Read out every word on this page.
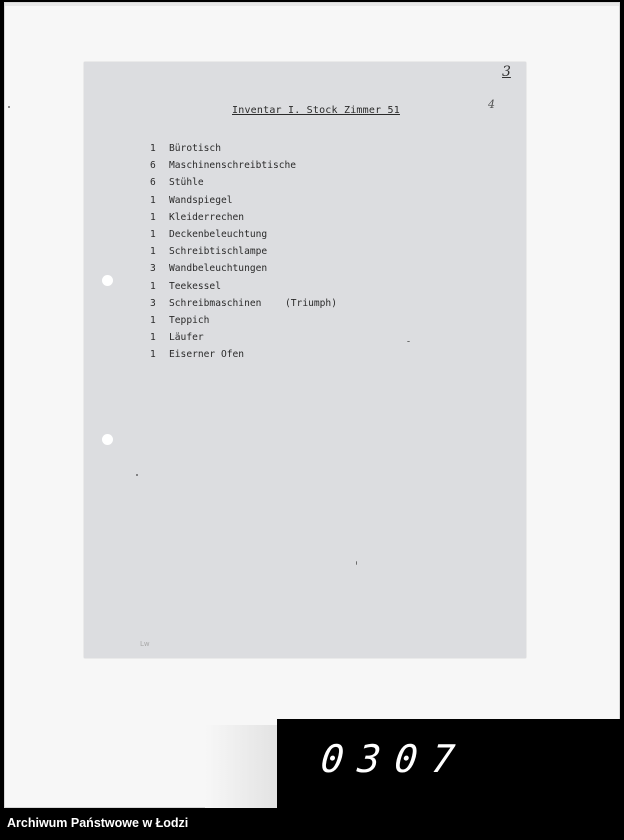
3
4
Inventar I. Stock Zimmer 51
1 Bürotisch
6 Maschinenschreibtische
6 Stühle
1 Wandspiegel
1 Kleiderrechen
1 Deckenbeleuchtung
1 Schreibtischlampe
3 Wandbeleuchtungen
1 Teekessel
3 Schreibmaschinen (Triumph)
1 Teppich
1 Läufer
1 Eiserner Ofen
Lw
0307
Archiwum Państwowe w Łodzi
